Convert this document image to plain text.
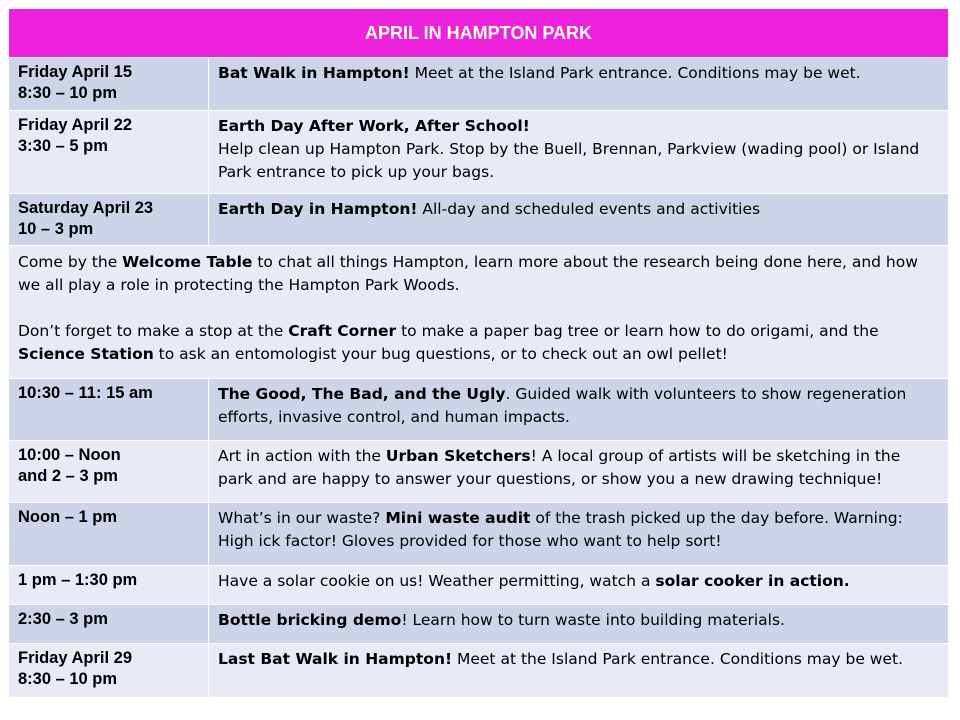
APRIL IN HAMPTON PARK	
Friday April 15
8:30 – 10 pm	Bat Walk in Hampton! Meet at the Island Park entrance. Conditions may be wet.
Friday April 22
3:30 – 5 pm	Earth Day After Work, After School!
Help clean up Hampton Park. Stop by the Buell, Brennan, Parkview (wading pool) or Island Park entrance to pick up your bags.
Saturday April 23
10 – 3 pm	Earth Day in Hampton! All-day and scheduled events and activities
Come by the Welcome Table to chat all things Hampton, learn more about the research being done here, and how we all play a role in protecting the Hampton Park Woods.
Don’t forget to make a stop at the Craft Corner to make a paper bag tree or learn how to do origami, and the Science Station to ask an entomologist your bug questions, or to check out an owl pellet!	
10:30 – 11: 15 am	The Good, The Bad, and the Ugly. Guided walk with volunteers to show regeneration efforts, invasive control, and human impacts.
10:00 – Noon
and 2 – 3 pm	Art in action with the Urban Sketchers! A local group of artists will be sketching in the park and are happy to answer your questions, or show you a new drawing technique!
Noon – 1 pm	What’s in our waste? Mini waste audit of the trash picked up the day before. Warning: High ick factor! Gloves provided for those who want to help sort!
1 pm – 1:30 pm	Have a solar cookie on us! Weather permitting, watch a solar cooker in action.
2:30 – 3 pm	Bottle bricking demo! Learn how to turn waste into building materials.
Friday April 29
8:30 – 10 pm	Last Bat Walk in Hampton! Meet at the Island Park entrance. Conditions may be wet.
